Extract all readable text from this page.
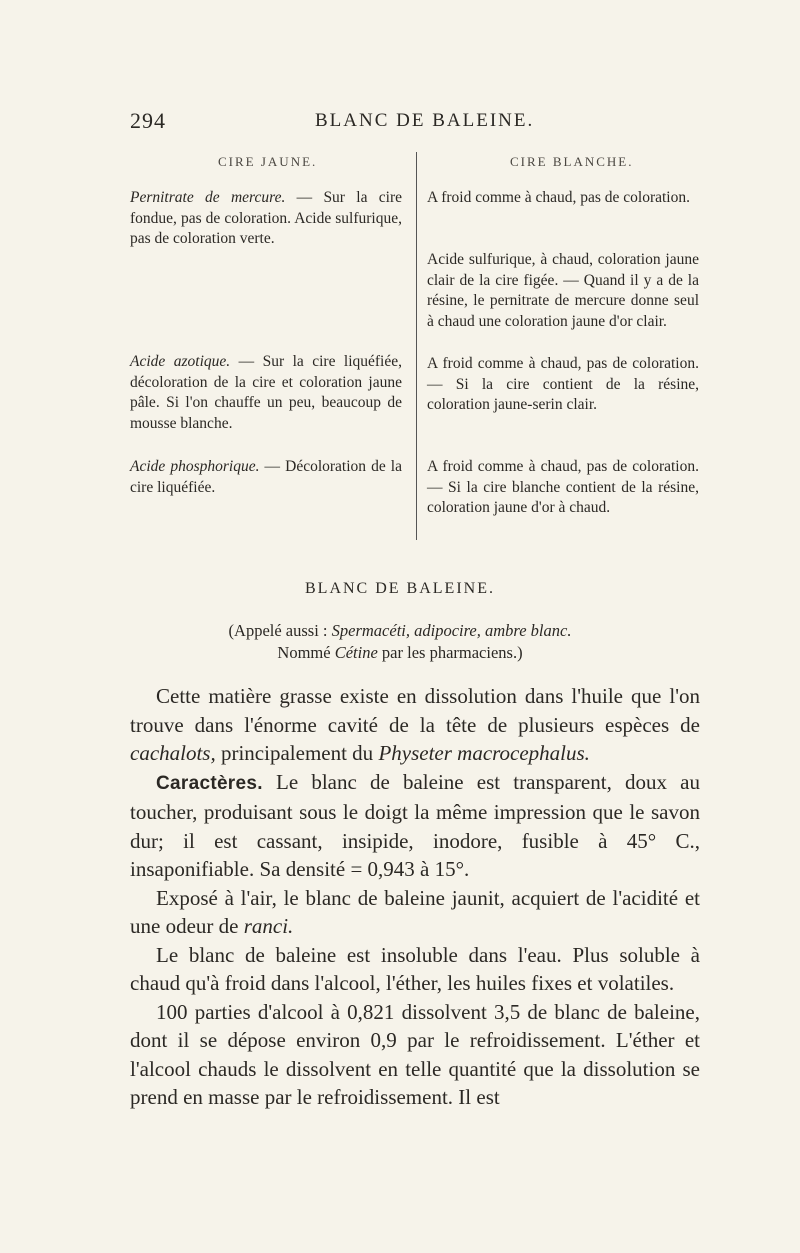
294	BLANC DE BALEINE.
CIRE JAUNE.	CIRE BLANCHE.

Pernitrate de mercure. — Sur la cire fondue, pas de coloration. Acide sulfurique, pas de coloration verte.

Acide azotique. — Sur la cire liquéfiée, décoloration de la cire et coloration jaune pâle. Si l'on chauffe un peu, beaucoup de mousse blanche.

Acide phosphorique. — Décoloration de la cire liquéfiée.

A froid comme à chaud, pas de coloration.

Acide sulfurique, à chaud, coloration jaune clair de la cire figée. — Quand il y a de la résine, le pernitrate de mercure donne seul à chaud une coloration jaune d'or clair.

A froid comme à chaud, pas de coloration. — Si la cire contient de la résine, coloration jaune-serin clair.

A froid comme à chaud, pas de coloration. — Si la cire blanche contient de la résine, coloration jaune d'or à chaud.

BLANC DE BALEINE.
(Appelé aussi : Spermacéti, adipocire, ambre blanc.
Nommé Cétine par les pharmaciens.)

Cette matière grasse existe en dissolution dans l'huile que l'on trouve dans l'énorme cavité de la tête de plusieurs espèces de cachalots, principalement du Physeter macrocephalus.

Caractères. Le blanc de baleine est transparent, doux au toucher, produisant sous le doigt la même impression que le savon dur; il est cassant, insipide, inodore, fusible à 45° C., insaponifiable. Sa densité = 0,943 à 15°.

Exposé à l'air, le blanc de baleine jaunit, acquiert de l'acidité et une odeur de ranci.

Le blanc de baleine est insoluble dans l'eau. Plus soluble à chaud qu'à froid dans l'alcool, l'éther, les huiles fixes et volatiles.

100 parties d'alcool à 0,821 dissolvent 3,5 de blanc de baleine, dont il se dépose environ 0,9 par le refroidissement. L'éther et l'alcool chauds le dissolvent en telle quantité que la dissolution se prend en masse par le refroidissement. Il est
